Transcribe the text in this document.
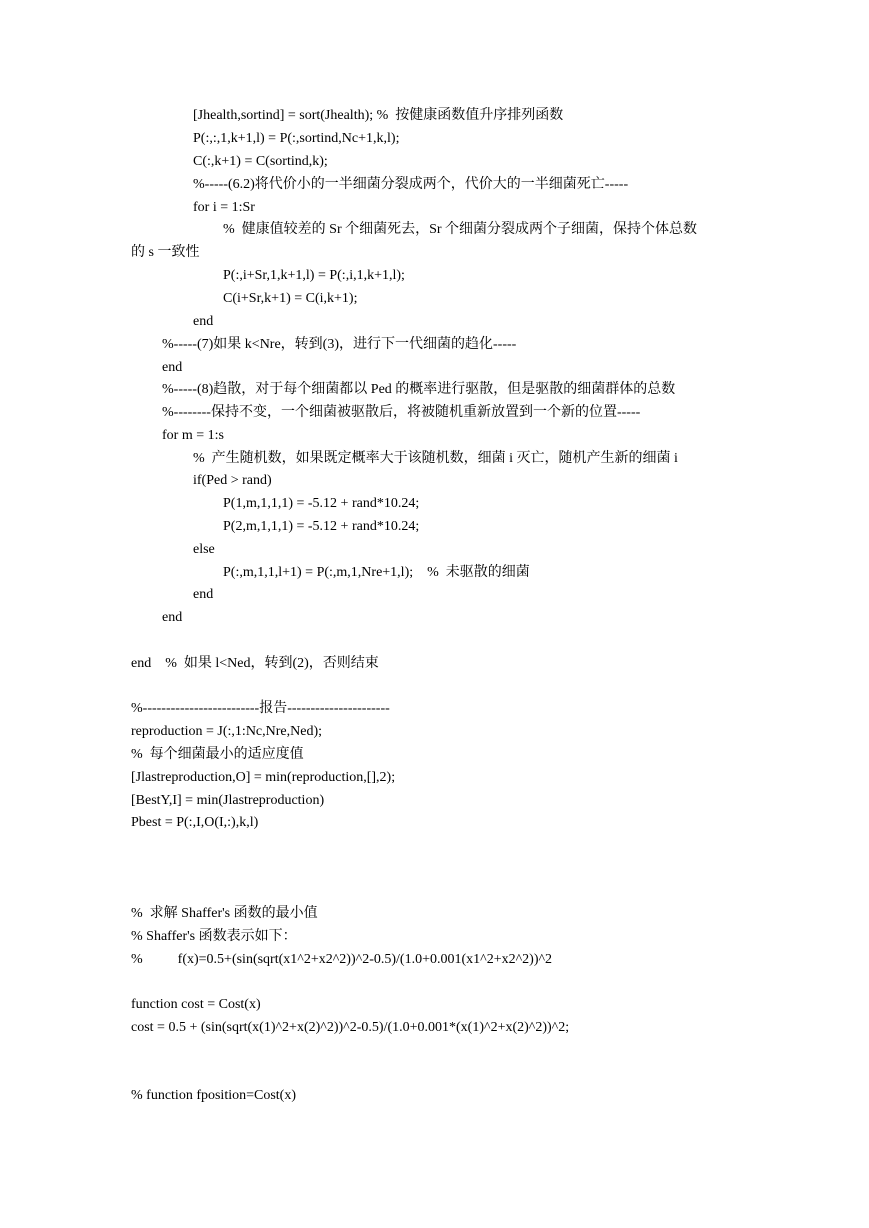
[Jhealth,sortind] = sort(Jhealth); %  按健康函数值升序排列函数
P(:,:,1,k+1,l) = P(:,sortind,Nc+1,k,l);
C(:,k+1) = C(sortind,k);
%-----(6.2)将代价小的一半细菌分裂成两个，代价大的一半细菌死亡-----
for i = 1:Sr
%  健康值较差的 Sr 个细菌死去，Sr 个细菌分裂成两个子细菌，保持个体总数
的 s 一致性
P(:,i+Sr,1,k+1,l) = P(:,i,1,k+1,l);
C(i+Sr,k+1) = C(i,k+1);
end
%-----(7)如果 k<Nre，转到(3)，进行下一代细菌的趋化-----
end
%-----(8)趋散，对于每个细菌都以 Ped 的概率进行驱散，但是驱散的细菌群体的总数
%--------保持不变，一个细菌被驱散后，将被随机重新放置到一个新的位置-----
for m = 1:s
%  产生随机数，如果既定概率大于该随机数，细菌 i 灭亡，随机产生新的细菌 i
if(Ped > rand)
P(1,m,1,1,1) = -5.12 + rand*10.24;
P(2,m,1,1,1) = -5.12 + rand*10.24;
else
P(:,m,1,1,l+1) = P(:,m,1,Nre+1,l);    %  未驱散的细菌
end
end
end    %  如果 l<Ned，转到(2)，否则结束
%-------------------------报告----------------------
reproduction = J(:,1:Nc,Nre,Ned);
%  每个细菌最小的适应度值
[Jlastreproduction,O] = min(reproduction,[],2);
[BestY,I] = min(Jlastreproduction)
Pbest = P(:,I,O(I,:),k,l)
%  求解 Shaffer's 函数的最小值
% Shaffer's 函数表示如下：
%          f(x)=0.5+(sin(sqrt(x1^2+x2^2))^2-0.5)/(1.0+0.001(x1^2+x2^2))^2
function cost = Cost(x)
cost = 0.5 + (sin(sqrt(x(1)^2+x(2)^2))^2-0.5)/(1.0+0.001*(x(1)^2+x(2)^2))^2;
% function fposition=Cost(x)
